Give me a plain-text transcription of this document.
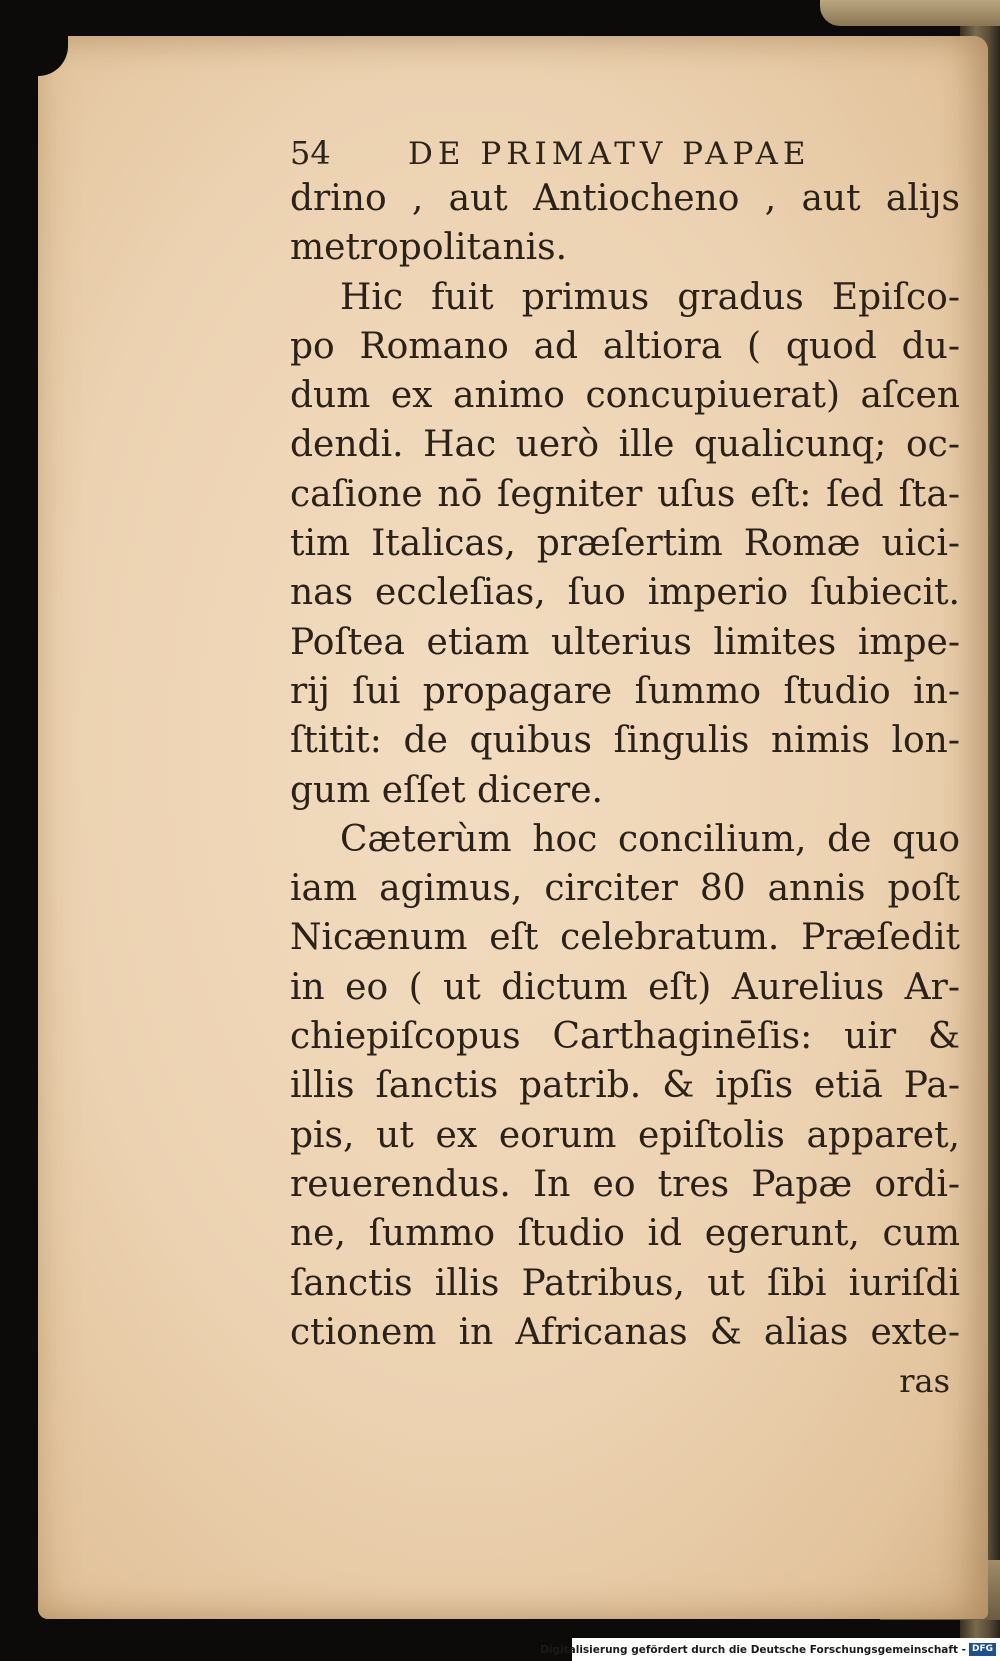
54	DE PRIMATV PAPAE
drino , aut Antiocheno , aut aliȷs
metropolitanis.
Hic fuit primus gradus Epiſco-
po Romano ad altiora ( quod du-
dum ex animo concupiuerat) aſcen
dendi. Hac uerò ille qualicunq; oc-
caſione nō ſegniter uſus eſt: ſed ſta-
tim Italicas, præſertim Romæ uici-
nas eccleſias, ſuo imperio ſubiecit.
Poſtea etiam ulterius limites impe-
rij ſui propagare ſummo ſtudio in-
ſtitit: de quibus ſingulis nimis lon-
gum eſſet dicere.
Cæterùm hoc concilium, de quo
iam agimus, circiter 80 annis poſt
Nicænum eſt celebratum. Præſedit
in eo ( ut dictum eſt) Aurelius Ar-
chiepiſcopus Carthaginēſis: uir &
illis ſanctis patrib. & ipſis etiā Pa-
pis, ut ex eorum epiſtolis apparet,
reuerendus. In eo tres Papæ ordi-
ne, ſummo ſtudio id egerunt, cum
ſanctis illis Patribus, ut ſibi iuriſdi
ctionem in Africanas & alias exte-
ras
Digitalisierung gefördert durch die Deutsche Forschungsgemeinschaft - DFG
